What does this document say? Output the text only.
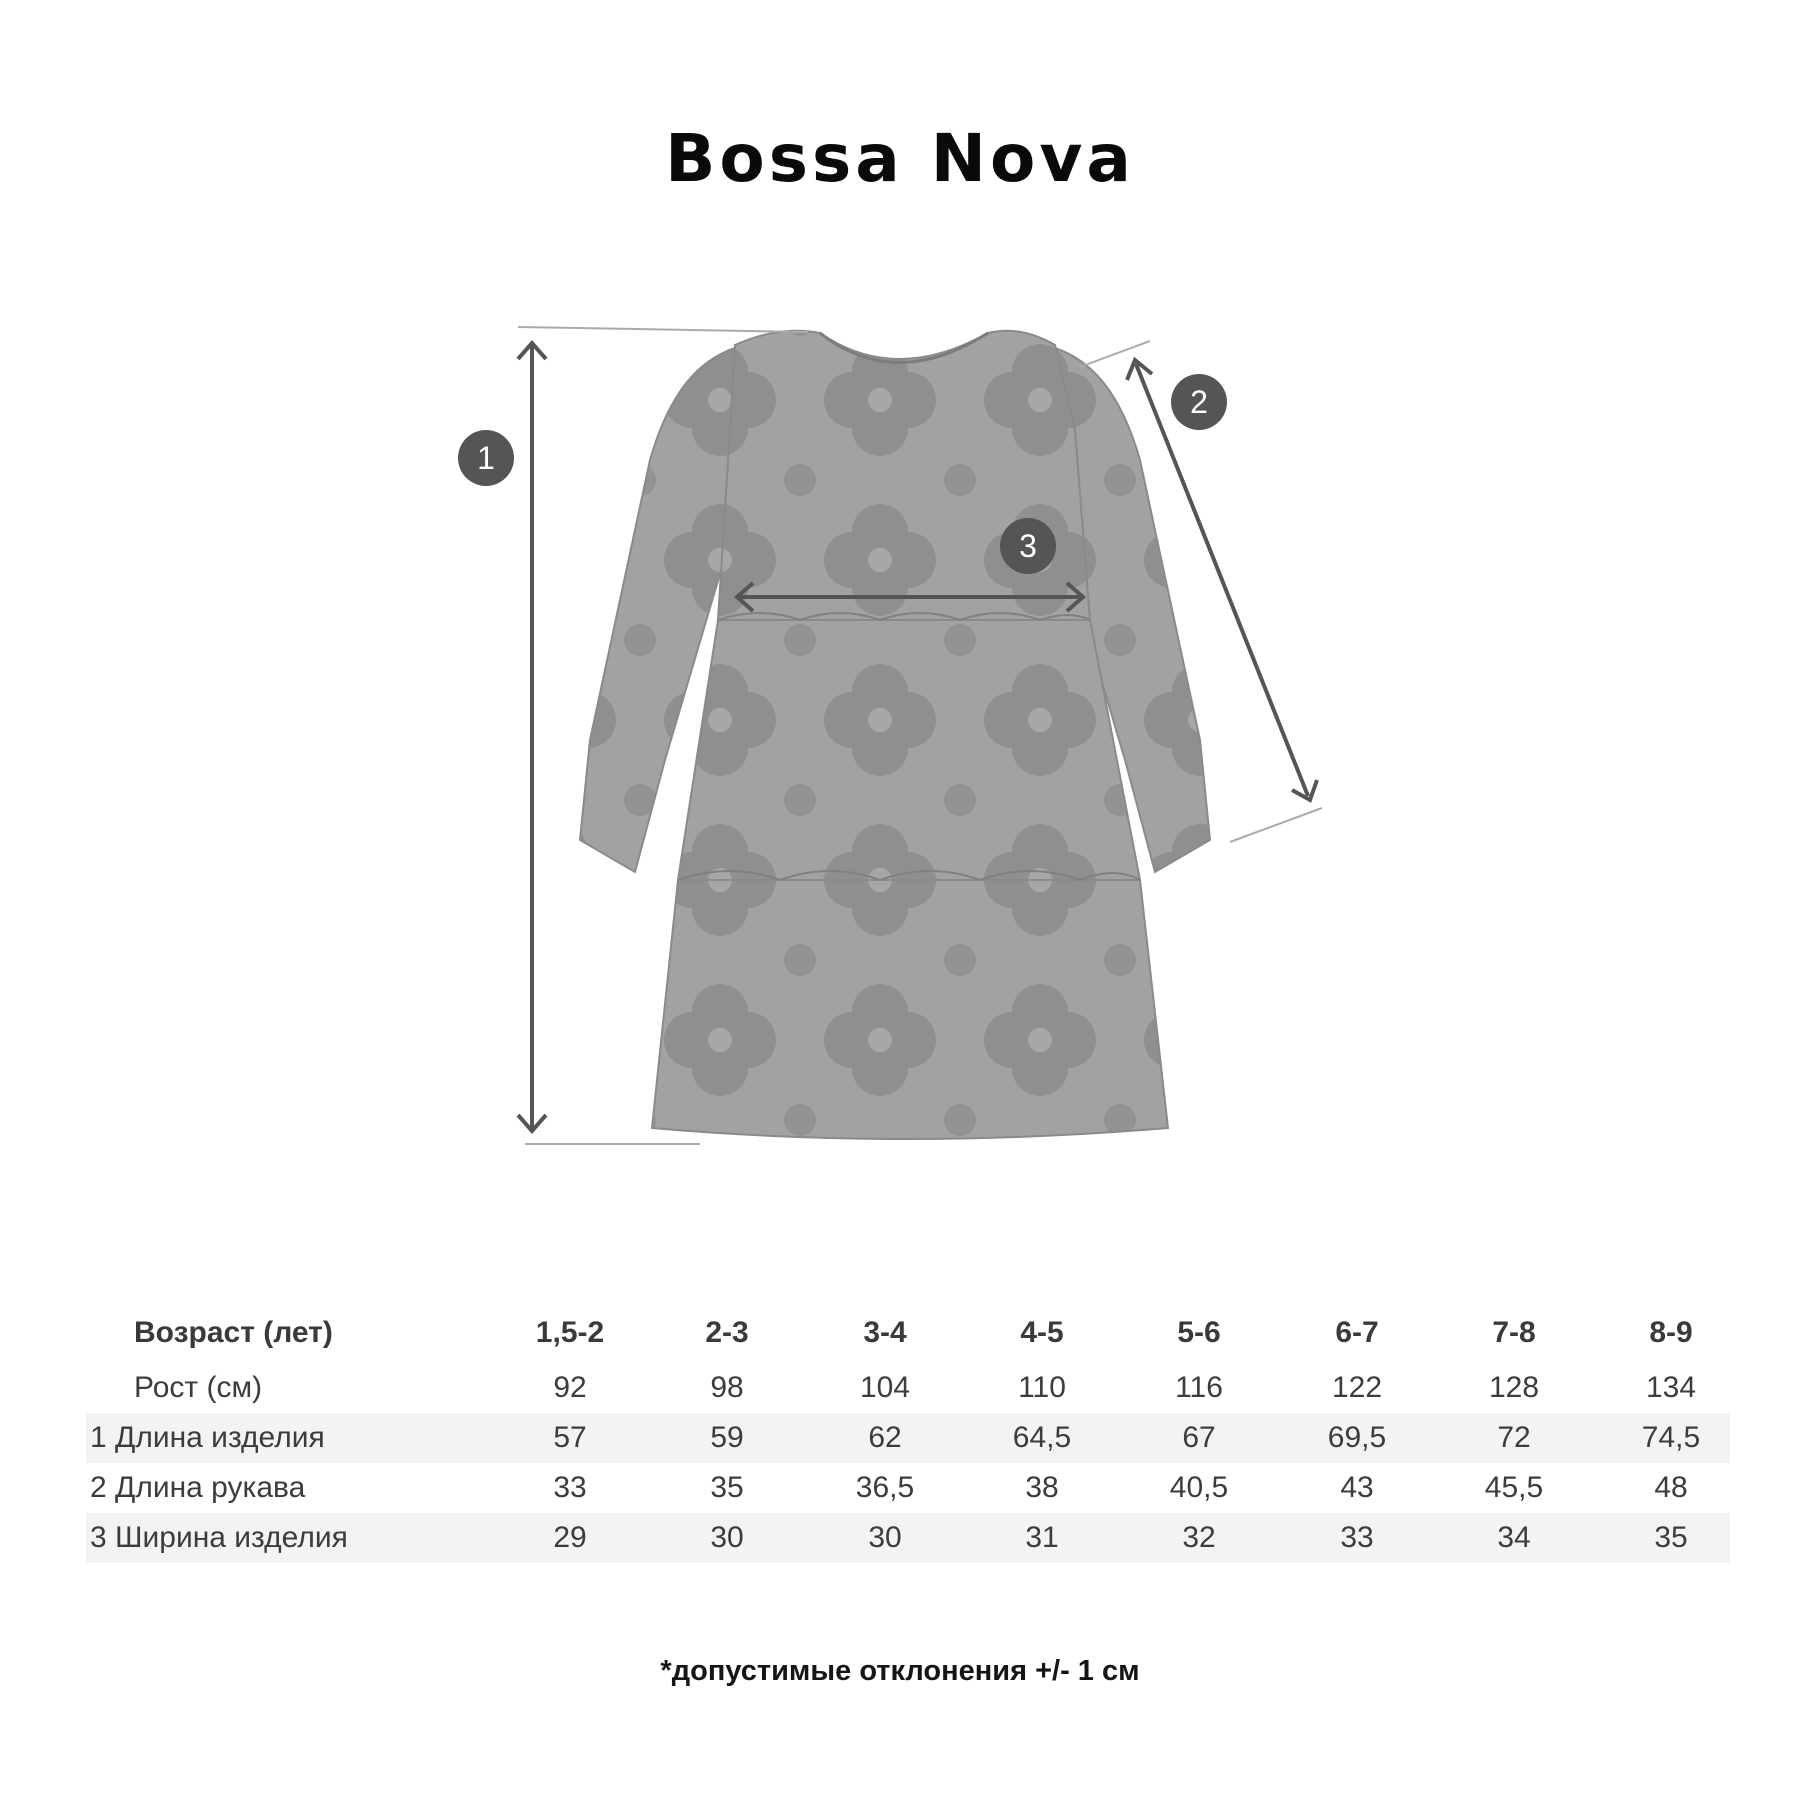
Bossa Nova
1
2
3
Возраст (лет)	1,5-2	2-3	3-4	4-5	5-6	6-7	7-8	8-9
Рост (см)	92	98	104	110	116	122	128	134
1 Длина изделия	57	59	62	64,5	67	69,5	72	74,5
2 Длина рукава	33	35	36,5	38	40,5	43	45,5	48
3 Ширина изделия	29	30	30	31	32	33	34	35
*допустимые отклонения +/- 1 см
